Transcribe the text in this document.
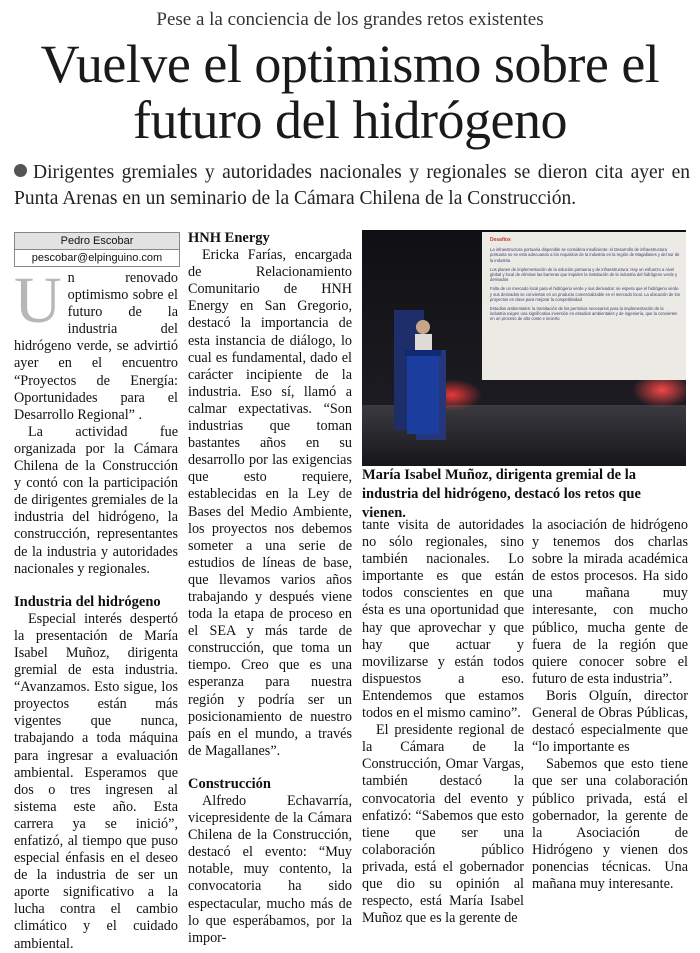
Pese a la conciencia de los grandes retos existentes
Vuelve el optimismo sobre el futuro del hidrógeno
Dirigentes gremiales y autoridades nacionales y regionales se dieron cita ayer en Punta Arenas en un seminario de la Cámara Chilena de la Construcción.
Pedro Escobar
pescobar@elpinguino.com
U n renovado optimismo sobre el futuro de la industria del hidrógeno verde, se advirtió ayer en el encuentro “Proyectos de Energía: Oportunidades para el Desarrollo Regional” .

La actividad fue organizada por la Cámara Chilena de la Construcción y contó con la participación de dirigentes gremiales de la industria del hidrógeno, la construcción, representantes de la industria y autoridades nacionales y regionales.

Industria del hidrógeno

Especial interés despertó la presentación de María Isabel Muñoz, dirigenta gremial de esta industria. “Avanzamos. Esto sigue, los proyectos están más vigentes que nunca, trabajando a toda máquina para ingresar a evaluación ambiental. Esperamos que dos o tres ingresen al sistema este año. Esta carrera ya se inició”, enfatizó, al tiempo que puso especial énfasis en el deseo de la industria de ser un aporte significativo a la lucha contra el cambio climático y el cuidado ambiental.

HNH Energy

Ericka Farías, encargada de Relacionamiento Comunitario de HNH Energy en San Gregorio, destacó la importancia de esta instancia de diálogo, lo cual es fundamental, dado el carácter incipiente de la industria. Eso sí, llamó a calmar expectativas. “Son industrias que toman bastantes años en su desarrollo por las exigencias que esto requiere, establecidas en la Ley de Bases del Medio Ambiente, los proyectos nos debemos someter a una serie de estudios de líneas de base, que llevamos varios años trabajando y después viene toda la etapa de proceso en el SEA y más tarde de construcción, que toma un tiempo. Creo que es una esperanza para nuestra región y podría ser un posicionamiento de nuestro país en el mundo, a través de Magallanes”.

Construcción

Alfredo Echavarría, vicepresidente de la Cámara Chilena de la Construcción, destacó el evento: “Muy notable, muy contento, la convocatoria ha sido espectacular, mucho más de lo que esperábamos, por la impor-

Desafíos
La infraestructura portuaria disponible se considera insuficiente: el Desarrollo de infraestructura portuaria no se está adecuando a los requisitos de la industria en la región de Magallanes y del sur de la industria
Los planes de implementación de la solución portuaria y de infraestructura: Hay un esfuerzo a nivel global y local de eliminar las barreras que impiden la instalación de la industria del hidrógeno verde y derivados
Falta de un mercado local para el hidrógeno verde y sus derivados: se espera que el hidrógeno verde y sus derivados se conviertan en un producto comercializable en el mercado local. La ubicación de los proyectos es clave para mejorar la competitividad
Estudios ambientales: la tramitación de los permisos necesarios para la implementación de la industria exigen una significativa inversión en estudios ambientales y de ingeniería, que la convierten en un proceso de alto costo e incierto
María Isabel Muñoz, dirigenta gremial de la industria del hidrógeno, destacó los retos que vienen.

tante visita de autoridades no sólo regionales, sino también nacionales. Lo importante es que están todos conscientes en que ésta es una oportunidad que hay que aprovechar y que hay que actuar y movilizarse y están todos dispuestos a eso. Entendemos que estamos todos en el mismo camino”.

El presidente regional de la Cámara de la Construcción, Omar Vargas, también destacó la convocatoria del evento y enfatizó: “Sabemos que esto tiene que ser una colaboración público privada, está el gobernador que dio su opinión al respecto, está María Isabel Muñoz que es la gerente de

la asociación de hidrógeno y tenemos dos charlas sobre la mirada académica de estos procesos. Ha sido una mañana muy interesante, con mucho público, mucha gente de fuera de la región que quiere conocer sobre el futuro de esta industria”.

Boris Olguín, director General de Obras Públicas, destacó especialmente que “lo importante es

Sabemos que esto tiene que ser una colaboración público privada, está el gobernador, la gerente de la Asociación de Hidrógeno y vienen dos ponencias técnicas. Una mañana muy interesante.
